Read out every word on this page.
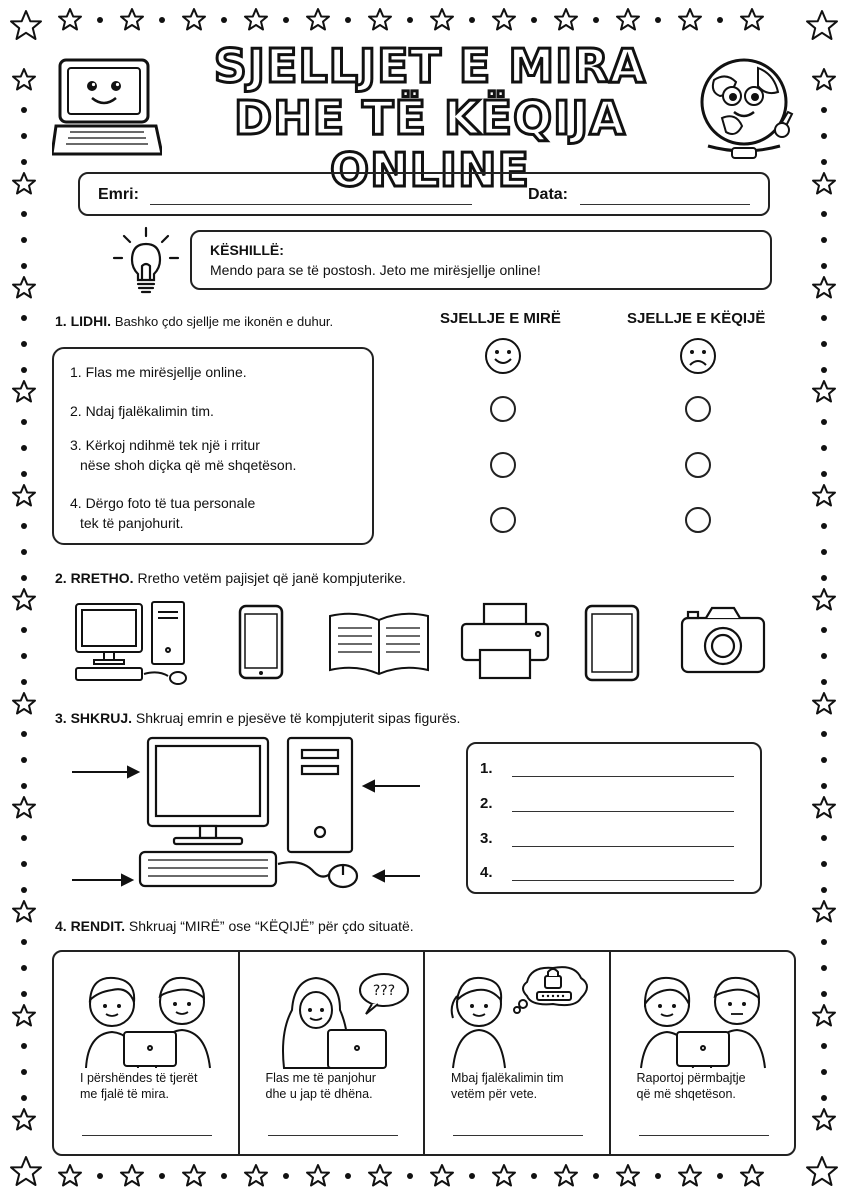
SJELLJET E MIRA
DHE TË KËQIJA ONLINE
Emri:	Data:
KËSHILLË:
Mendo para se të postosh. Jeto me mirësjellje online!
1. LIDHI. Bashko çdo sjellje me ikonën e duhur.	SJELLJE E MIRË	SJELLJE E KËQIJË
1. Flas me mirësjellje online.
2. Ndaj fjalëkalimin tim.
3. Kërkoj ndihmë tek një i rritur
nëse shoh diçka që më shqetëson.
4. Dërgo foto të tua personale
tek të panjohurit.
2. RRETHO. Rretho vetëm pajisjet që janë kompjuterike.
3. SHKRUJ. Shkruaj emrin e pjesëve të kompjuterit sipas figurës.
1.
2.
3.
4.
4. RENDIT. Shkruaj “MIRË” ose “KËQIJË” për çdo situatë.
I përshëndes të tjerët
me fjalë të mira.
???
Flas me të panjohur
dhe u jap të dhëna.
Mbaj fjalëkalimin tim
vetëm për vete.
Raportoj përmbajtje
që më shqetëson.
